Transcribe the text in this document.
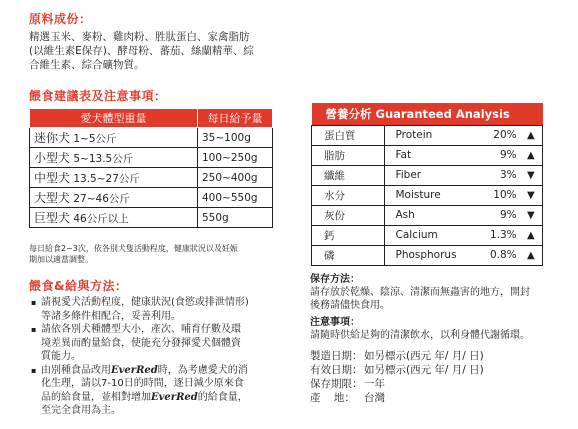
原料成份：
精選玉米、麥粉、雞肉粉、胜肽蛋白、家禽脂肪
(以維生素E保存)、酵母粉、蕃茄、絲蘭精華、綜
合維生素、綜合礦物質。
餵食建議表及注意事項：
愛犬體型重量	每日給予量
迷你犬 1~5公斤	35~100g
小型犬 5~13.5公斤	100~250g
中型犬 13.5~27公斤	250~400g
大型犬 27~46公斤	400~550g
巨型犬 46公斤以上	550g
每日給食2~3次，依各別犬隻活動程度，健康狀況以及妊娠
期加以適當調整。
餵食&給與方法：
▪ 請視愛犬活動程度，健康狀況(食慾或排泄情形)
等諸多條件相配合，妥善利用。
▪ 請依各別犬種體型大小，產次、哺育仔數及環
境差異而酌量給食，使能充分發揮愛犬個體資
質能力。
▪ 由別種食品改用EverRed時，為考慮愛犬的消
化生理，請以7-10日的時間，逐日減少原來食
品的給食量，並相對增加EverRed的給食量，
至完全食用為主。
營養分析 Guaranteed Analysis			
蛋白質	Protein	20%	▲
脂肪	Fat	9%	▲
纖維	Fiber	3%	▼
水分	Moisture	10%	▼
灰份	Ash	9%	▼
鈣	Calcium	1.3%	▲
磷	Phosphorus	0.8%	▲
保存方法：
請存放於乾燥、陰涼、清潔而無蟲害的地方，開封
後務請儘快食用。
注意事項：
請隨時供給足夠的清潔飲水，以利身體代謝循環。
製造日期： 如另標示(西元 年/ 月/ 日)
有效日期： 如另標示(西元 年/ 月/ 日)
保存期限： 一年
產    地： 台灣
